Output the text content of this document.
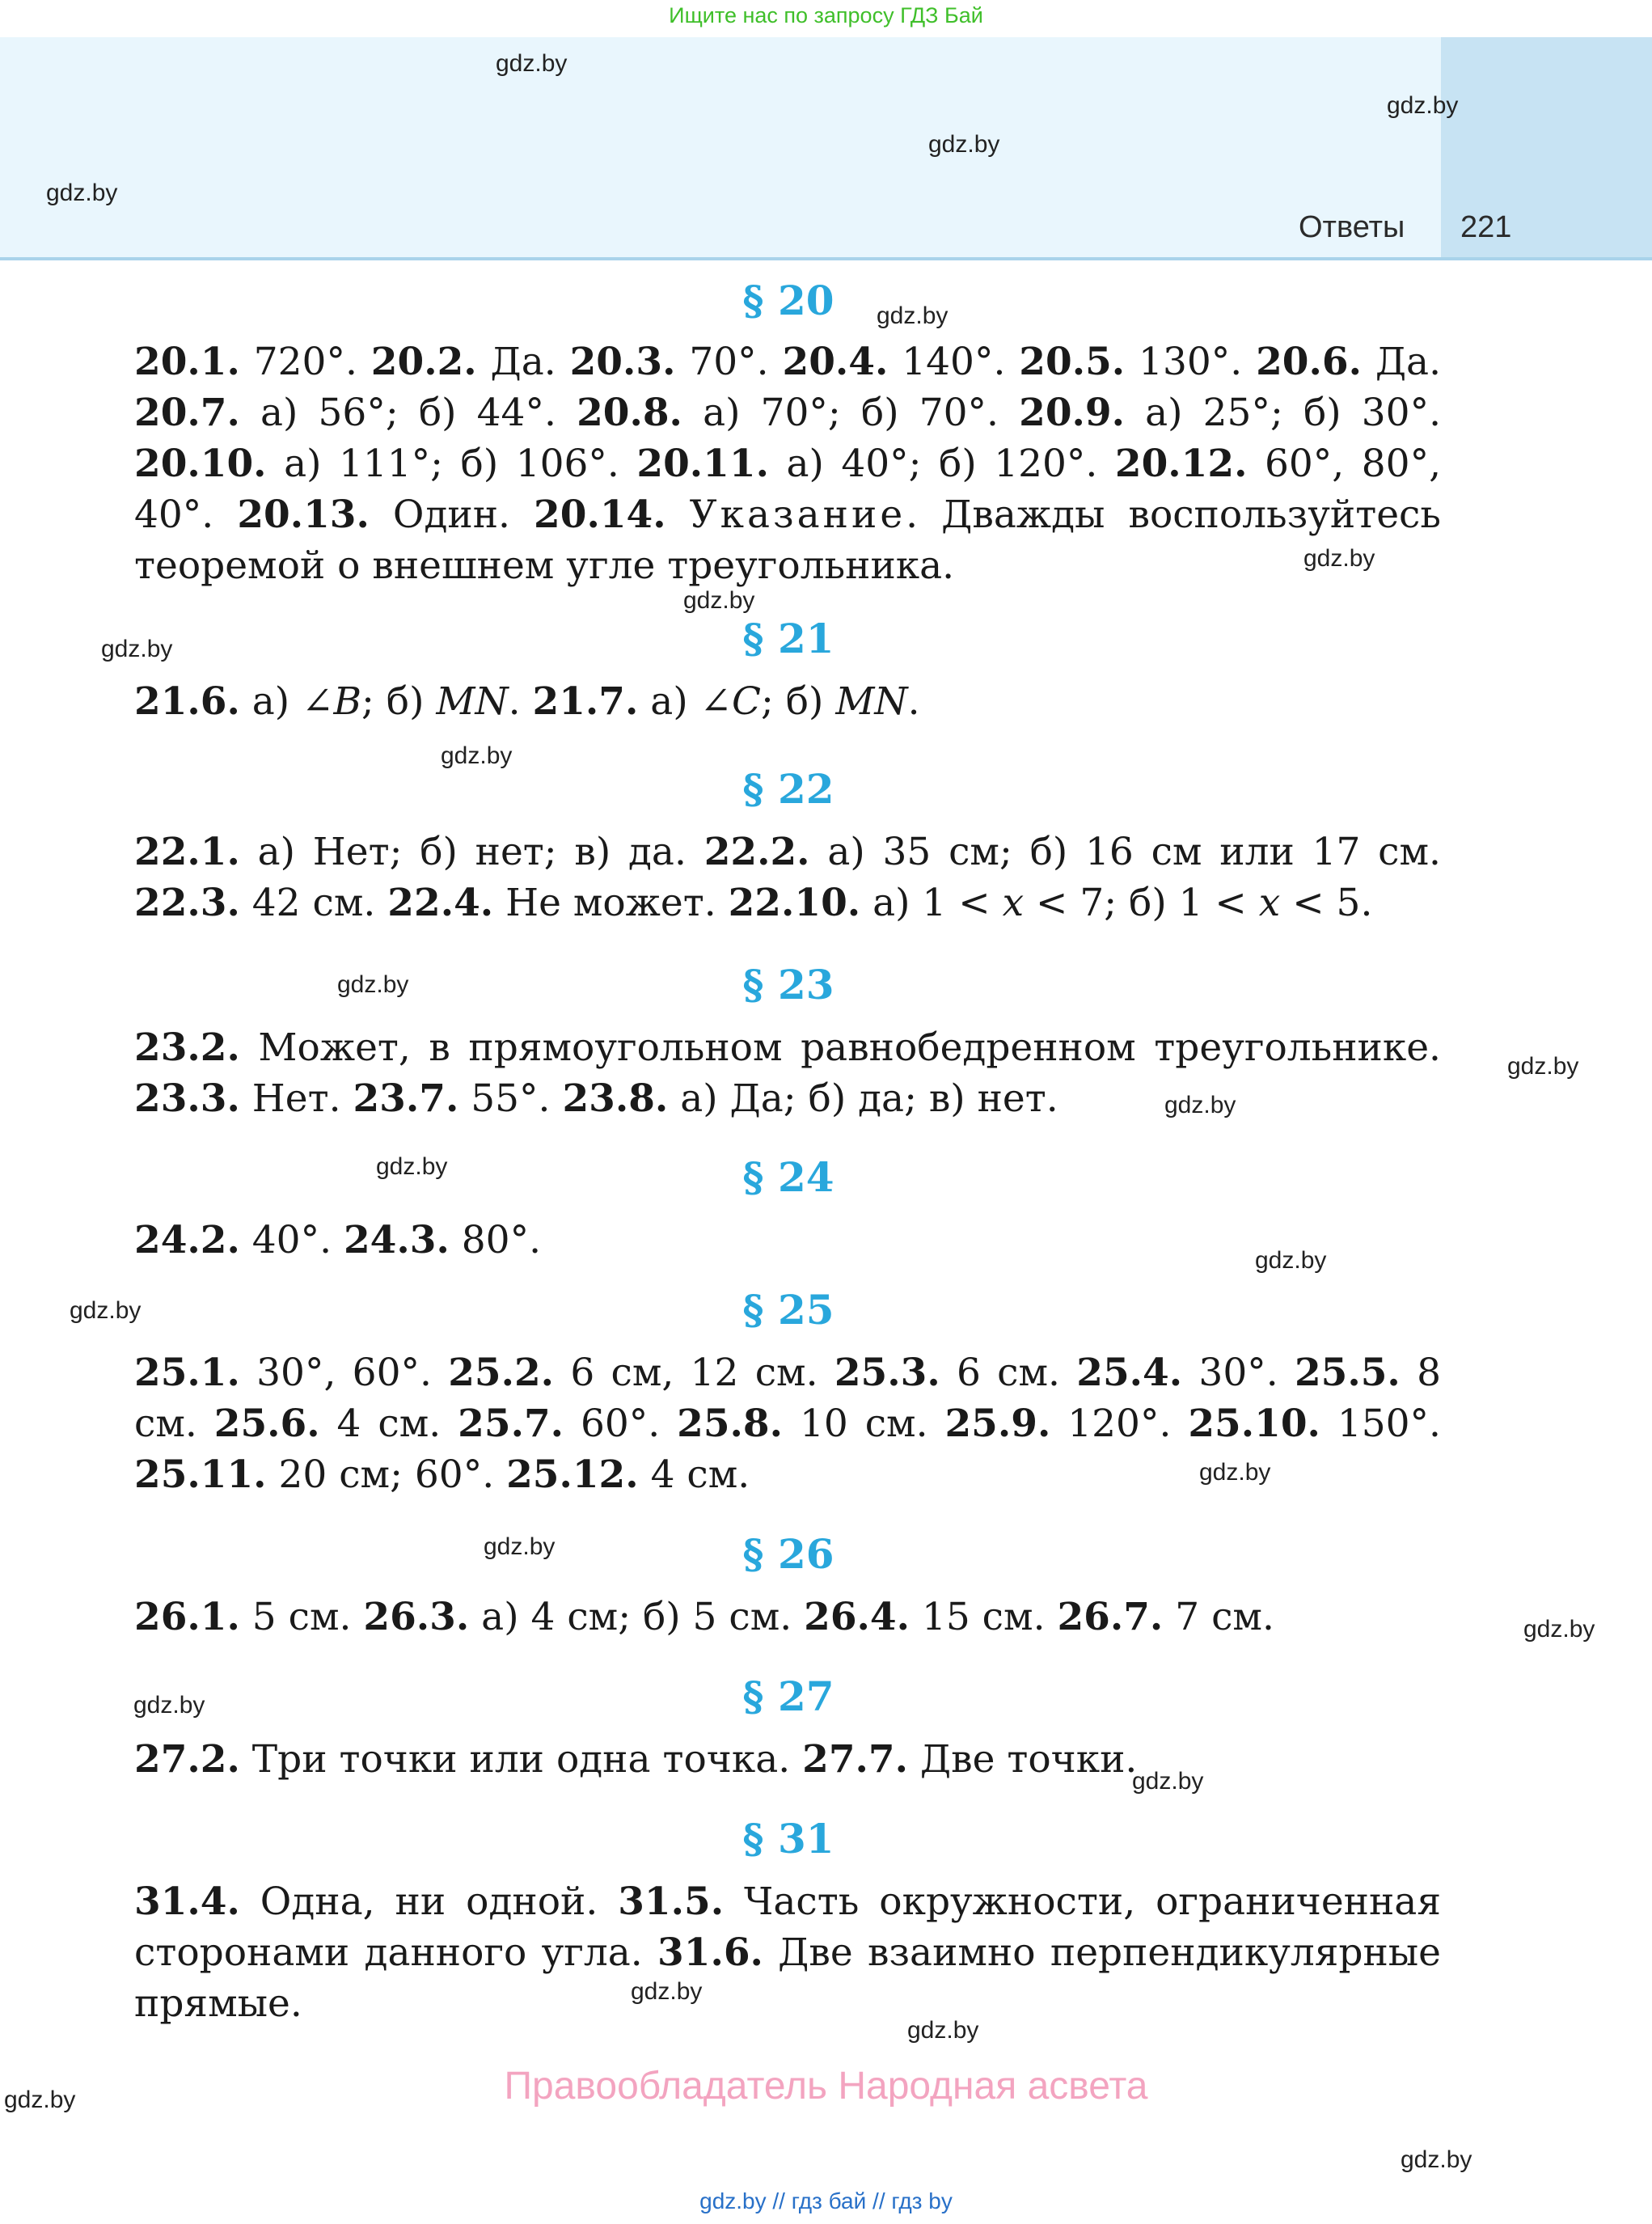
Ищите нас по запросу ГДЗ Бай
Ответы 221
gdz.by
gdz.by
gdz.by
gdz.by
gdz.by
gdz.by
gdz.by
gdz.by
gdz.by
gdz.by
gdz.by
gdz.by
gdz.by
gdz.by
gdz.by
gdz.by
gdz.by
gdz.by
gdz.by
gdz.by
gdz.by
gdz.by
gdz.by
gdz.by
§ 20

20.1. 720°. 20.2. Да. 20.3. 70°. 20.4. 140°. 20.5. 130°. 20.6. Да. 20.7. а) 56°; б) 44°. 20.8. а) 70°; б) 70°. 20.9. а) 25°; б) 30°. 20.10. а) 111°; б) 106°. 20.11. а) 40°; б) 120°. 20.12. 60°, 80°, 40°. 20.13. Один. 20.14. Указание. Дважды воспользуйтесь теоремой о внешнем угле треугольника.

§ 21

21.6. а) ∠B; б) MN. 21.7. а) ∠C; б) MN.

§ 22

22.1. а) Нет; б) нет; в) да. 22.2. а) 35 см; б) 16 см или 17 см. 22.3. 42 см. 22.4. Не может. 22.10. а) 1 < x < 7; б) 1 < x < 5.

§ 23

23.2. Может, в прямоугольном равнобедренном треугольнике. 23.3. Нет. 23.7. 55°. 23.8. а) Да; б) да; в) нет.

§ 24

24.2. 40°. 24.3. 80°.

§ 25

25.1. 30°, 60°. 25.2. 6 см, 12 см. 25.3. 6 см. 25.4. 30°. 25.5. 8 см. 25.6. 4 см. 25.7. 60°. 25.8. 10 см. 25.9. 120°. 25.10. 150°. 25.11. 20 см; 60°. 25.12. 4 см.

§ 26

26.1. 5 см. 26.3. а) 4 см; б) 5 см. 26.4. 15 см. 26.7. 7 см.

§ 27

27.2. Три точки или одна точка. 27.7. Две точки.

§ 31

31.4. Одна, ни одной. 31.5. Часть окружности, ограниченная сторонами данного угла. 31.6. Две взаимно перпендикулярные прямые.

Правообладатель Народная асвета
gdz.by // гдз бай // гдз by
